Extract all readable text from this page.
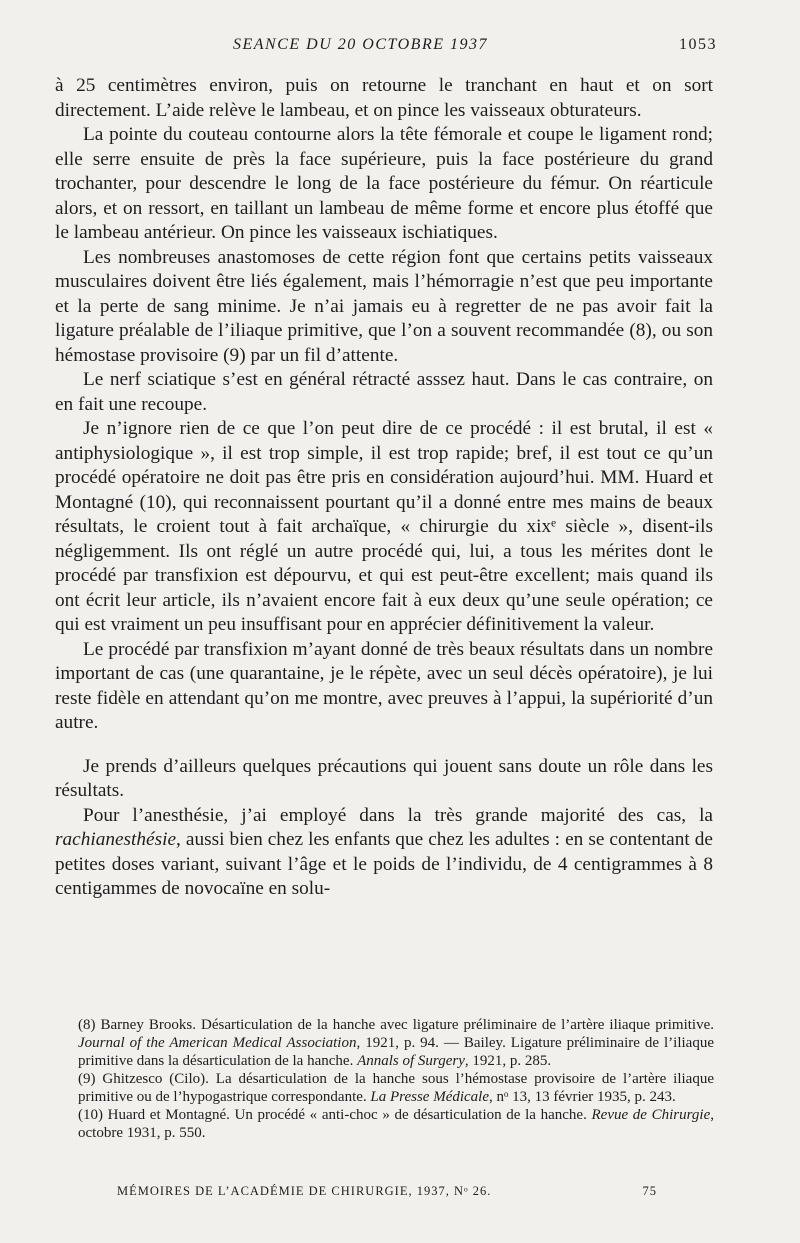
SEANCE DU 20 OCTOBRE 1937	1053

à 25 centimètres environ, puis on retourne le tranchant en haut et on sort directement. L’aide relève le lambeau, et on pince les vaisseaux obturateurs.

La pointe du couteau contourne alors la tête fémorale et coupe le ligament rond; elle serre ensuite de près la face supérieure, puis la face postérieure du grand trochanter, pour descendre le long de la face postérieure du fémur. On réarticule alors, et on ressort, en taillant un lambeau de même forme et encore plus étoffé que le lambeau antérieur. On pince les vaisseaux ischiatiques.

Les nombreuses anastomoses de cette région font que certains petits vaisseaux musculaires doivent être liés également, mais l’hémorragie n’est que peu importante et la perte de sang minime. Je n’ai jamais eu à regretter de ne pas avoir fait la ligature préalable de l’iliaque primitive, que l’on a souvent recommandée (8), ou son hémostase provisoire (9) par un fil d’attente.

Le nerf sciatique s’est en général rétracté asssez haut. Dans le cas contraire, on en fait une recoupe.

Je n’ignore rien de ce que l’on peut dire de ce procédé : il est brutal, il est « antiphysiologique », il est trop simple, il est trop rapide; bref, il est tout ce qu’un procédé opératoire ne doit pas être pris en considération aujourd’hui. MM. Huard et Montagné (10), qui reconnaissent pourtant qu’il a donné entre mes mains de beaux résultats, le croient tout à fait archaïque, « chirurgie du xixᵉ siècle », disent-ils négligemment. Ils ont réglé un autre procédé qui, lui, a tous les mérites dont le procédé par transfixion est dépourvu, et qui est peut-être excellent; mais quand ils ont écrit leur article, ils n’avaient encore fait à eux deux qu’une seule opération; ce qui est vraiment un peu insuffisant pour en apprécier définitivement la valeur.

Le procédé par transfixion m’ayant donné de très beaux résultats dans un nombre important de cas (une quarantaine, je le répète, avec un seul décès opératoire), je lui reste fidèle en attendant qu’on me montre, avec preuves à l’appui, la supériorité d’un autre.

Je prends d’ailleurs quelques précautions qui jouent sans doute un rôle dans les résultats.

Pour l’anesthésie, j’ai employé dans la très grande majorité des cas, la rachianesthésie, aussi bien chez les enfants que chez les adultes : en se contentant de petites doses variant, suivant l’âge et le poids de l’individu, de 4 centigrammes à 8 centigammes de novocaïne en solu-

(8) Barney Brooks. Désarticulation de la hanche avec ligature préliminaire de l’artère iliaque primitive. Journal of the American Medical Association, 1921, p. 94. — Bailey. Ligature préliminaire de l’iliaque primitive dans la désarticulation de la hanche. Annals of Surgery, 1921, p. 285.

(9) Ghitzesco (Cilo). La désarticulation de la hanche sous l’hémostase provisoire de l’artère iliaque primitive ou de l’hypogastrique correspondante. La Presse Médicale, nᵒ 13, 13 février 1935, p. 243.

(10) Huard et Montagné. Un procédé « anti-choc » de désarticulation de la hanche. Revue de Chirurgie, octobre 1931, p. 550.

MÉMOIRES DE L’ACADÉMIE DE CHIRURGIE, 1937, Nᵒ 26.	75
